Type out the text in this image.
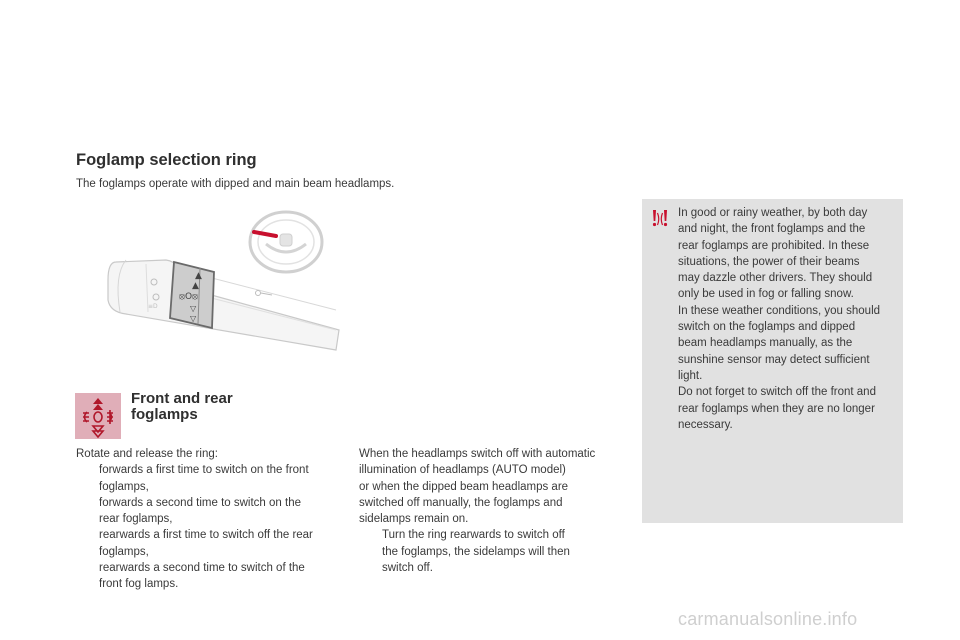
Foglamp selection ring
The foglamps operate with dipped and main beam headlamps.
▲
▲
⦻O⦻
▽
▽
≡D
Front and rear
foglamps
Rotate and release the ring:
forwards a first time to switch on the front
foglamps,
forwards a second time to switch on the
rear foglamps,
rearwards a first time to switch off the rear
foglamps,
rearwards a second time to switch of the
front fog lamps.
When the headlamps switch off with automatic
illumination of headlamps (AUTO model)
or when the dipped beam headlamps are
switched off manually, the foglamps and
sidelamps remain on.
Turn the ring rearwards to switch off
the foglamps, the sidelamps will then
switch off.
In good or rainy weather, by both day
and night, the front foglamps and the
rear foglamps are prohibited. In these
situations, the power of their beams
may dazzle other drivers. They should
only be used in fog or falling snow.
In these weather conditions, you should
switch on the foglamps and dipped
beam headlamps manually, as the
sunshine sensor may detect sufficient
light.
Do not forget to switch off the front and
rear foglamps when they are no longer
necessary.
carmanualsonline.info
